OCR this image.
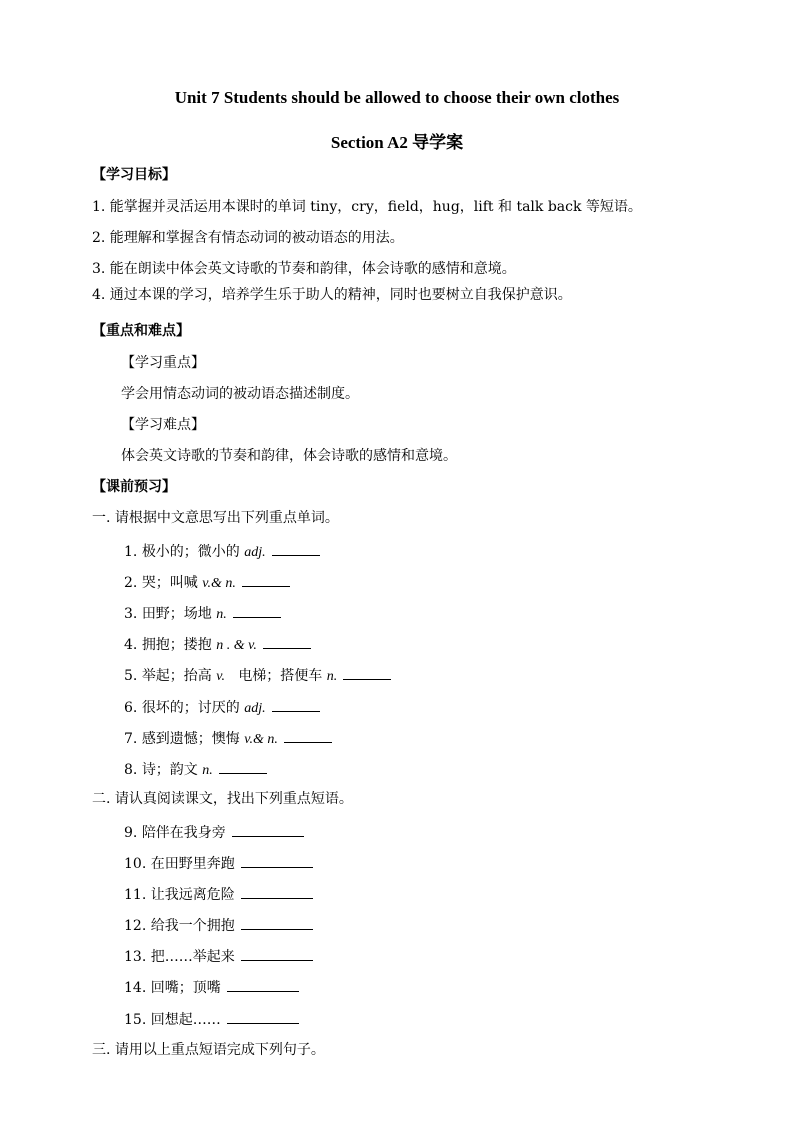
Unit 7 Students should be allowed to choose their own clothes
Section A2 导学案
【学习目标】
1. 能掌握并灵活运用本课时的单词 tiny，cry，field，hug，lift 和 talk back 等短语。
2. 能理解和掌握含有情态动词的被动语态的用法。
3. 能在朗读中体会英文诗歌的节奏和韵律，体会诗歌的感情和意境。
4. 通过本课的学习，培养学生乐于助人的精神，同时也要树立自我保护意识。
【重点和难点】
【学习重点】
学会用情态动词的被动语态描述制度。
【学习难点】
体会英文诗歌的节奏和韵律，体会诗歌的感情和意境。
【课前预习】
一. 请根据中文意思写出下列重点单词。
1. 极小的；微小的 adj.
2. 哭；叫喊 v.& n.
3. 田野；场地 n.
4. 拥抱；搂抱 n . & v.
5. 举起；抬高 v. 电梯；搭便车 n.
6. 很坏的；讨厌的 adj.
7. 感到遗憾；懊悔 v.& n.
8. 诗；韵文 n.
二. 请认真阅读课文，找出下列重点短语。
9. 陪伴在我身旁
10. 在田野里奔跑
11. 让我远离危险
12. 给我一个拥抱
13. 把……举起来
14. 回嘴；顶嘴
15. 回想起……
三. 请用以上重点短语完成下列句子。
